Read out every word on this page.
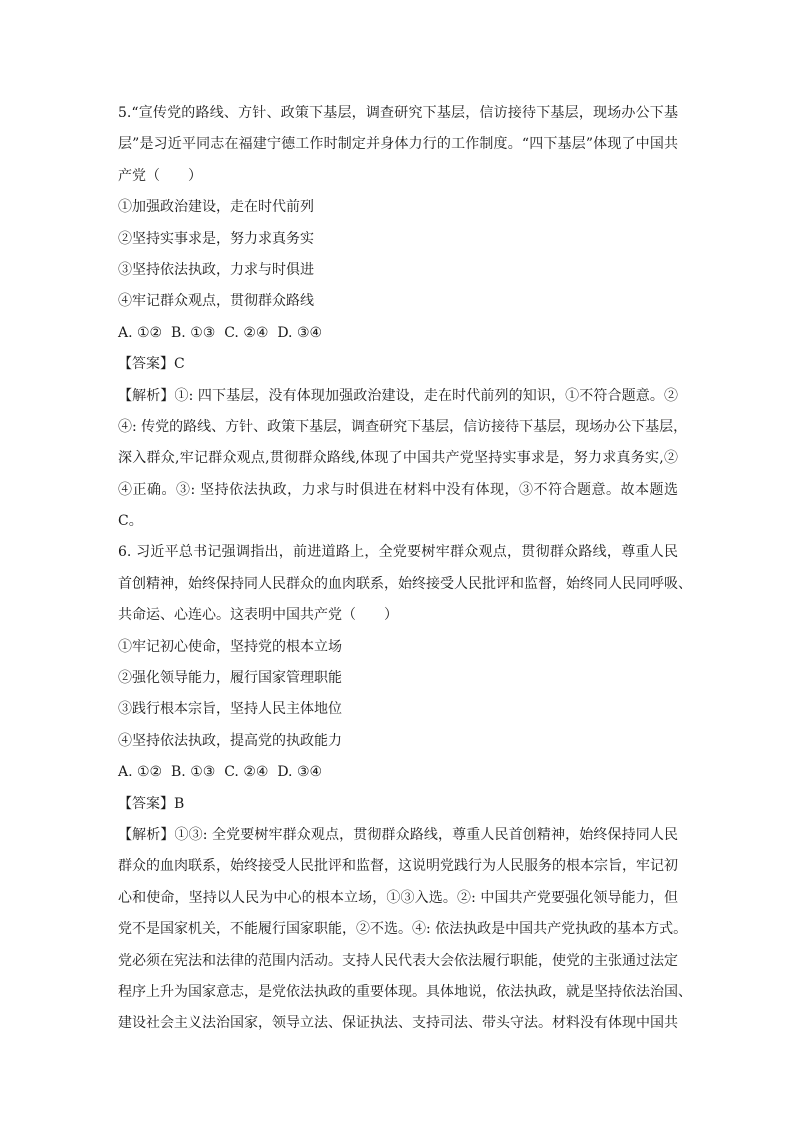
5.“宣传党的路线、方针、政策下基层，调查研究下基层，信访接待下基层，现场办公下基
层”是习近平同志在福建宁德工作时制定并身体力行的工作制度。“四下基层”体现了中国共
产党（　　）
①加强政治建设，走在时代前列
②坚持实事求是，努力求真务实
③坚持依法执政，力求与时俱进
④牢记群众观点，贯彻群众路线
A. ①②  B. ①③  C. ②④  D. ③④
【答案】C
【解析】①: 四下基层，没有体现加强政治建设，走在时代前列的知识，①不符合题意。②
④: 传党的路线、方针、政策下基层，调查研究下基层，信访接待下基层，现场办公下基层，
深入群众,牢记群众观点,贯彻群众路线,体现了中国共产党坚持实事求是，努力求真务实,②
④正确。③: 坚持依法执政，力求与时俱进在材料中没有体现，③不符合题意。故本题选
C。
6. 习近平总书记强调指出，前进道路上，全党要树牢群众观点，贯彻群众路线，尊重人民
首创精神，始终保持同人民群众的血肉联系，始终接受人民批评和监督，始终同人民同呼吸、
共命运、心连心。这表明中国共产党（　　）
①牢记初心使命，坚持党的根本立场
②强化领导能力，履行国家管理职能
③践行根本宗旨，坚持人民主体地位
④坚持依法执政，提高党的执政能力
A. ①②  B. ①③  C. ②④  D. ③④
【答案】B
【解析】①③: 全党要树牢群众观点，贯彻群众路线，尊重人民首创精神，始终保持同人民
群众的血肉联系，始终接受人民批评和监督，这说明党践行为人民服务的根本宗旨，牢记初
心和使命，坚持以人民为中心的根本立场，①③入选。②: 中国共产党要强化领导能力，但
党不是国家机关，不能履行国家职能，②不选。④: 依法执政是中国共产党执政的基本方式。
党必须在宪法和法律的范围内活动。支持人民代表大会依法履行职能，使党的主张通过法定
程序上升为国家意志，是党依法执政的重要体现。具体地说，依法执政，就是坚持依法治国、
建设社会主义法治国家，领导立法、保证执法、支持司法、带头守法。材料没有体现中国共
